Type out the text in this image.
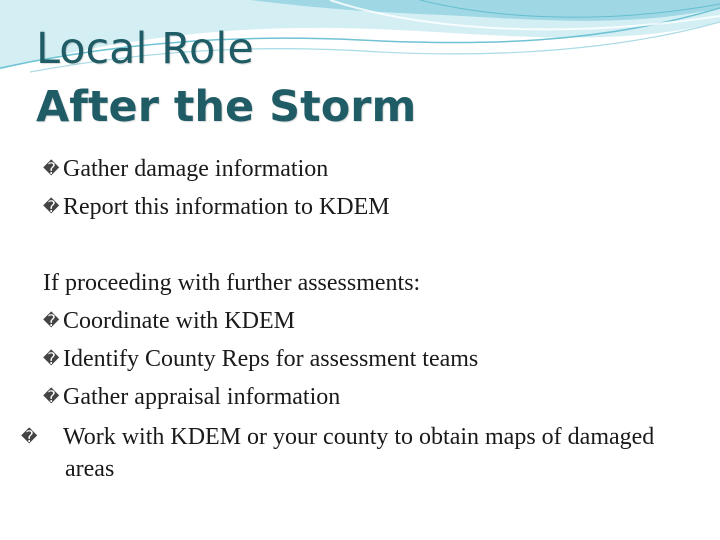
Local Role
After the Storm
� Gather damage information
� Report this information to KDEM
If proceeding with further assessments:
� Coordinate with KDEM
� Identify County Reps for assessment teams
� Gather appraisal information
� Work with KDEM or your county to obtain maps of damaged areas
